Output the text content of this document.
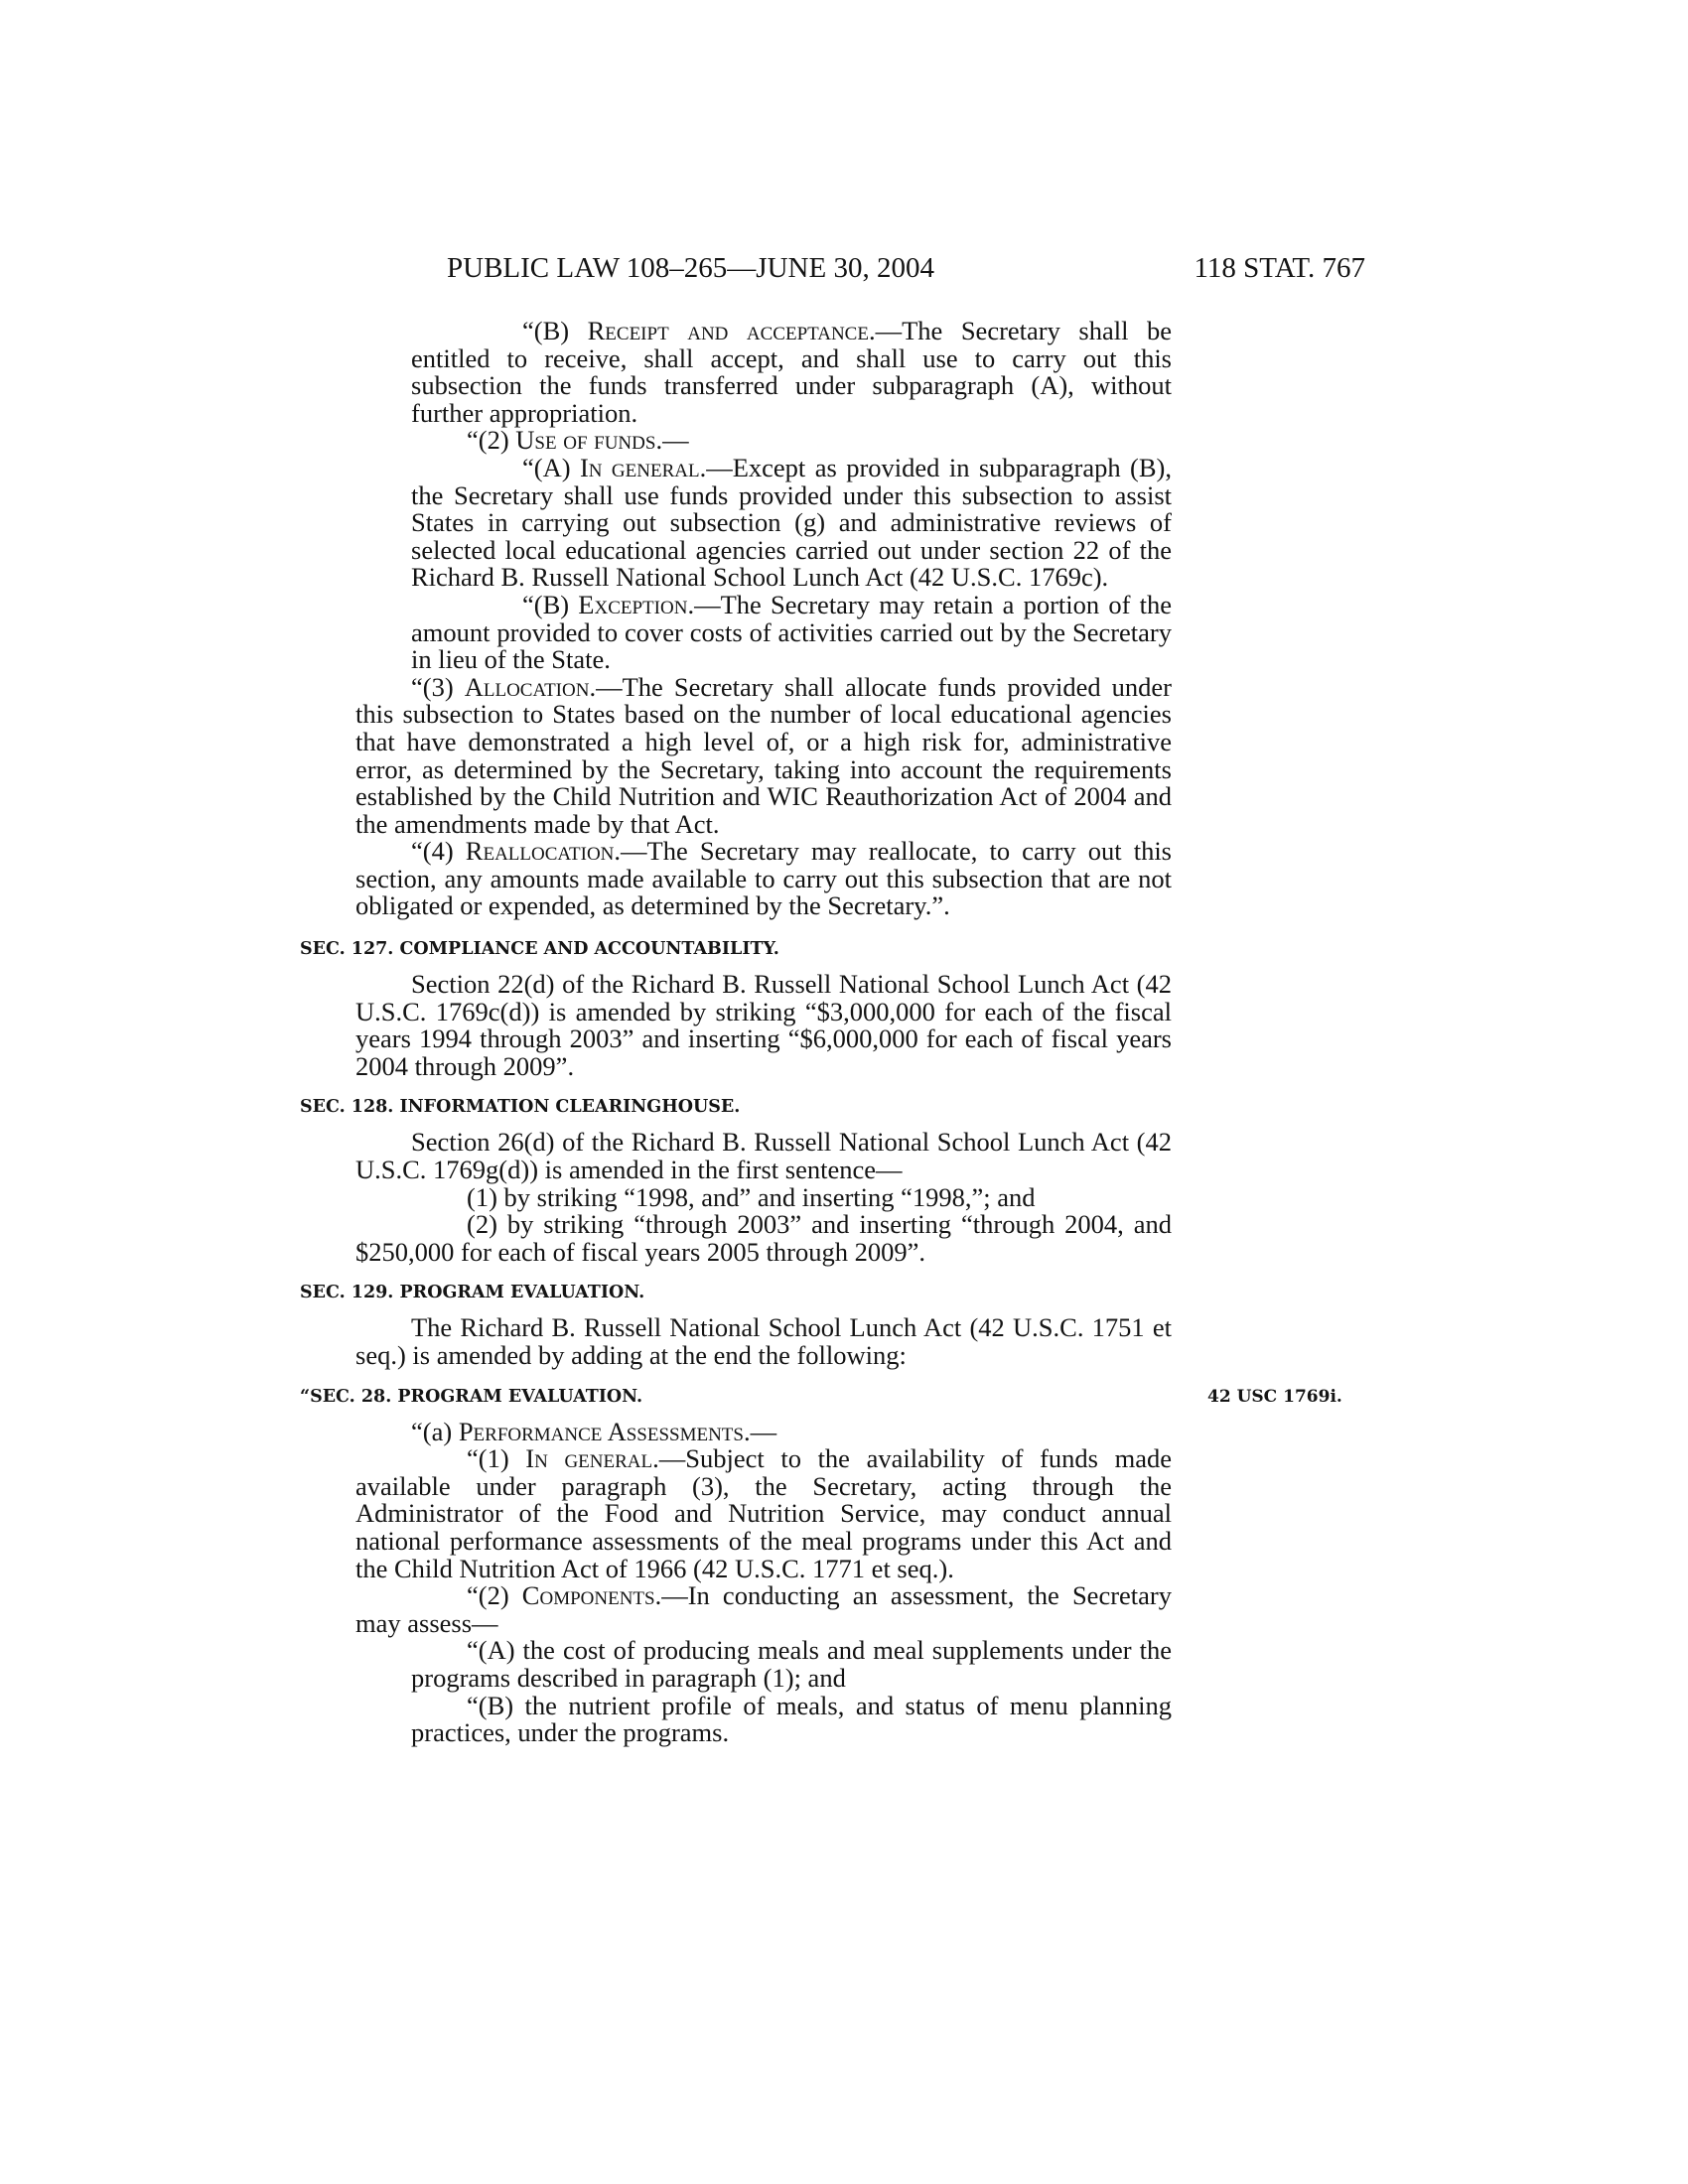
PUBLIC LAW 108–265—JUNE 30, 2004	118 STAT. 767

“(B) Receipt and acceptance.—The Secretary shall be entitled to receive, shall accept, and shall use to carry out this subsection the funds transferred under subparagraph (A), without further appropriation.

“(2) Use of funds.—

“(A) In general.—Except as provided in subparagraph (B), the Secretary shall use funds provided under this subsection to assist States in carrying out subsection (g) and administrative reviews of selected local educational agencies carried out under section 22 of the Richard B. Russell National School Lunch Act (42 U.S.C. 1769c).

“(B) Exception.—The Secretary may retain a portion of the amount provided to cover costs of activities carried out by the Secretary in lieu of the State.

“(3) Allocation.—The Secretary shall allocate funds provided under this subsection to States based on the number of local educational agencies that have demonstrated a high level of, or a high risk for, administrative error, as determined by the Secretary, taking into account the requirements established by the Child Nutrition and WIC Reauthorization Act of 2004 and the amendments made by that Act.

“(4) Reallocation.—The Secretary may reallocate, to carry out this section, any amounts made available to carry out this subsection that are not obligated or expended, as determined by the Secretary.”.

SEC. 127. COMPLIANCE AND ACCOUNTABILITY.

Section 22(d) of the Richard B. Russell National School Lunch Act (42 U.S.C. 1769c(d)) is amended by striking “$3,000,000 for each of the fiscal years 1994 through 2003” and inserting “$6,000,000 for each of fiscal years 2004 through 2009”.

SEC. 128. INFORMATION CLEARINGHOUSE.

Section 26(d) of the Richard B. Russell National School Lunch Act (42 U.S.C. 1769g(d)) is amended in the first sentence—

(1) by striking “1998, and” and inserting “1998,”; and

(2) by striking “through 2003” and inserting “through 2004, and $250,000 for each of fiscal years 2005 through 2009”.

SEC. 129. PROGRAM EVALUATION.

The Richard B. Russell National School Lunch Act (42 U.S.C. 1751 et seq.) is amended by adding at the end the following:

“SEC. 28. PROGRAM EVALUATION.	42 USC 1769i.

“(a) Performance Assessments.—

“(1) In general.—Subject to the availability of funds made available under paragraph (3), the Secretary, acting through the Administrator of the Food and Nutrition Service, may conduct annual national performance assessments of the meal programs under this Act and the Child Nutrition Act of 1966 (42 U.S.C. 1771 et seq.).

“(2) Components.—In conducting an assessment, the Secretary may assess—

“(A) the cost of producing meals and meal supplements under the programs described in paragraph (1); and

“(B) the nutrient profile of meals, and status of menu planning practices, under the programs.
